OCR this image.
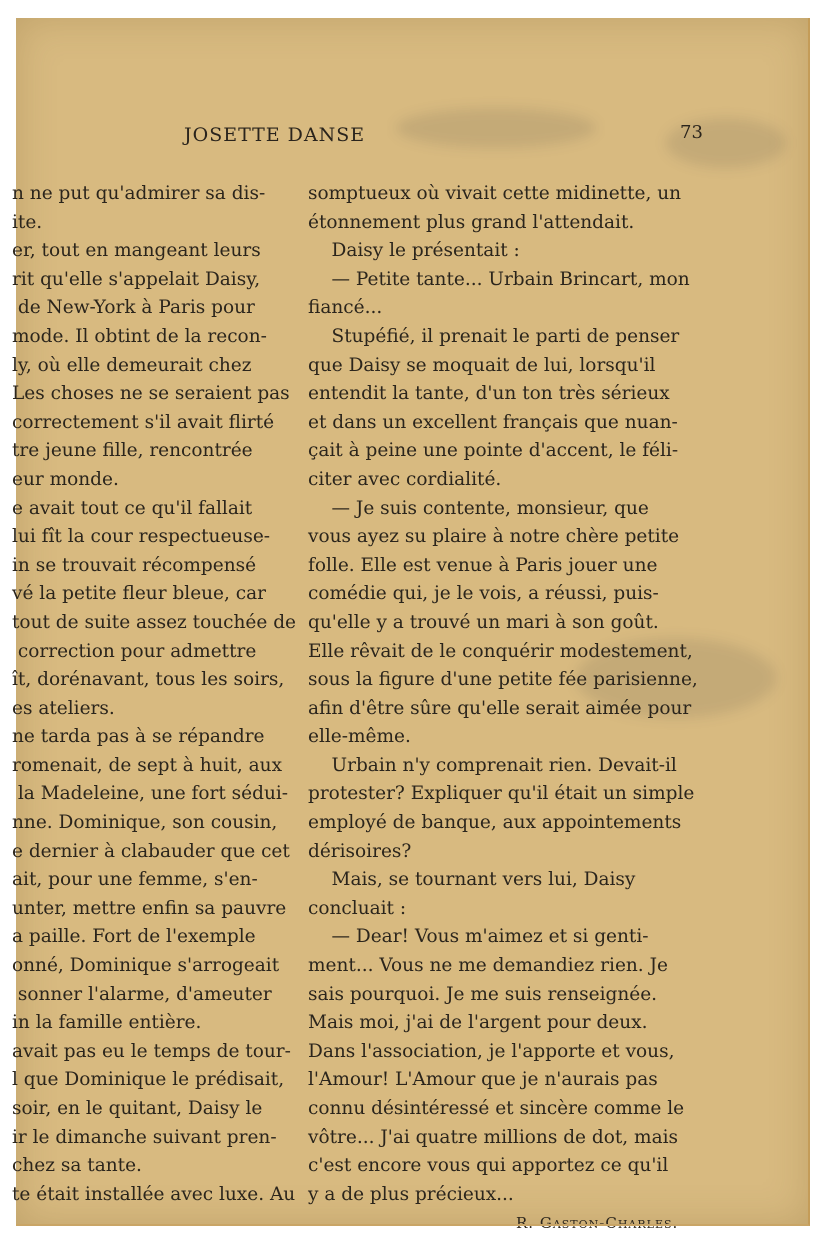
JOSETTE DANSE	73
n ne put qu'admirer sa dis-
ite.
er, tout en mangeant leurs
rit qu'elle s'appelait Daisy,
de New-York à Paris pour
mode. Il obtint de la recon-
ly, où elle demeurait chez
Les choses ne se seraient pas
correctement s'il avait flirté
tre jeune fille, rencontrée
eur monde.
e avait tout ce qu'il fallait
lui fît la cour respectueuse-
in se trouvait récompensé
vé la petite fleur bleue, car
tout de suite assez touchée de
correction pour admettre
ît, dorénavant, tous les soirs,
es ateliers.
ne tarda pas à se répandre
romenait, de sept à huit, aux
la Madeleine, une fort sédui-
nne. Dominique, son cousin,
e dernier à clabauder que cet
ait, pour une femme, s'en-
unter, mettre enfin sa pauvre
a paille. Fort de l'exemple
onné, Dominique s'arrogeait
sonner l'alarme, d'ameuter
in la famille entière.
avait pas eu le temps de tour-
l que Dominique le prédisait,
soir, en le quitant, Daisy le
ir le dimanche suivant pren-
chez sa tante.
te était installée avec luxe. Au
somptueux où vivait cette midinette, un
étonnement plus grand l'attendait.
Daisy le présentait :
— Petite tante... Urbain Brincart, mon
fiancé...
Stupéfié, il prenait le parti de penser
que Daisy se moquait de lui, lorsqu'il
entendit la tante, d'un ton très sérieux
et dans un excellent français que nuan-
çait à peine une pointe d'accent, le féli-
citer avec cordialité.
— Je suis contente, monsieur, que
vous ayez su plaire à notre chère petite
folle. Elle est venue à Paris jouer une
comédie qui, je le vois, a réussi, puis-
qu'elle y a trouvé un mari à son goût.
Elle rêvait de le conquérir modestement,
sous la figure d'une petite fée parisienne,
afin d'être sûre qu'elle serait aimée pour
elle-même.
Urbain n'y comprenait rien. Devait-il
protester? Expliquer qu'il était un simple
employé de banque, aux appointements
dérisoires?
Mais, se tournant vers lui, Daisy
concluait :
— Dear! Vous m'aimez et si genti-
ment... Vous ne me demandiez rien. Je
sais pourquoi. Je me suis renseignée.
Mais moi, j'ai de l'argent pour deux.
Dans l'association, je l'apporte et vous,
l'Amour! L'Amour que je n'aurais pas
connu désintéressé et sincère comme le
vôtre... J'ai quatre millions de dot, mais
c'est encore vous qui apportez ce qu'il
y a de plus précieux...
R. Gaston-Charles.
